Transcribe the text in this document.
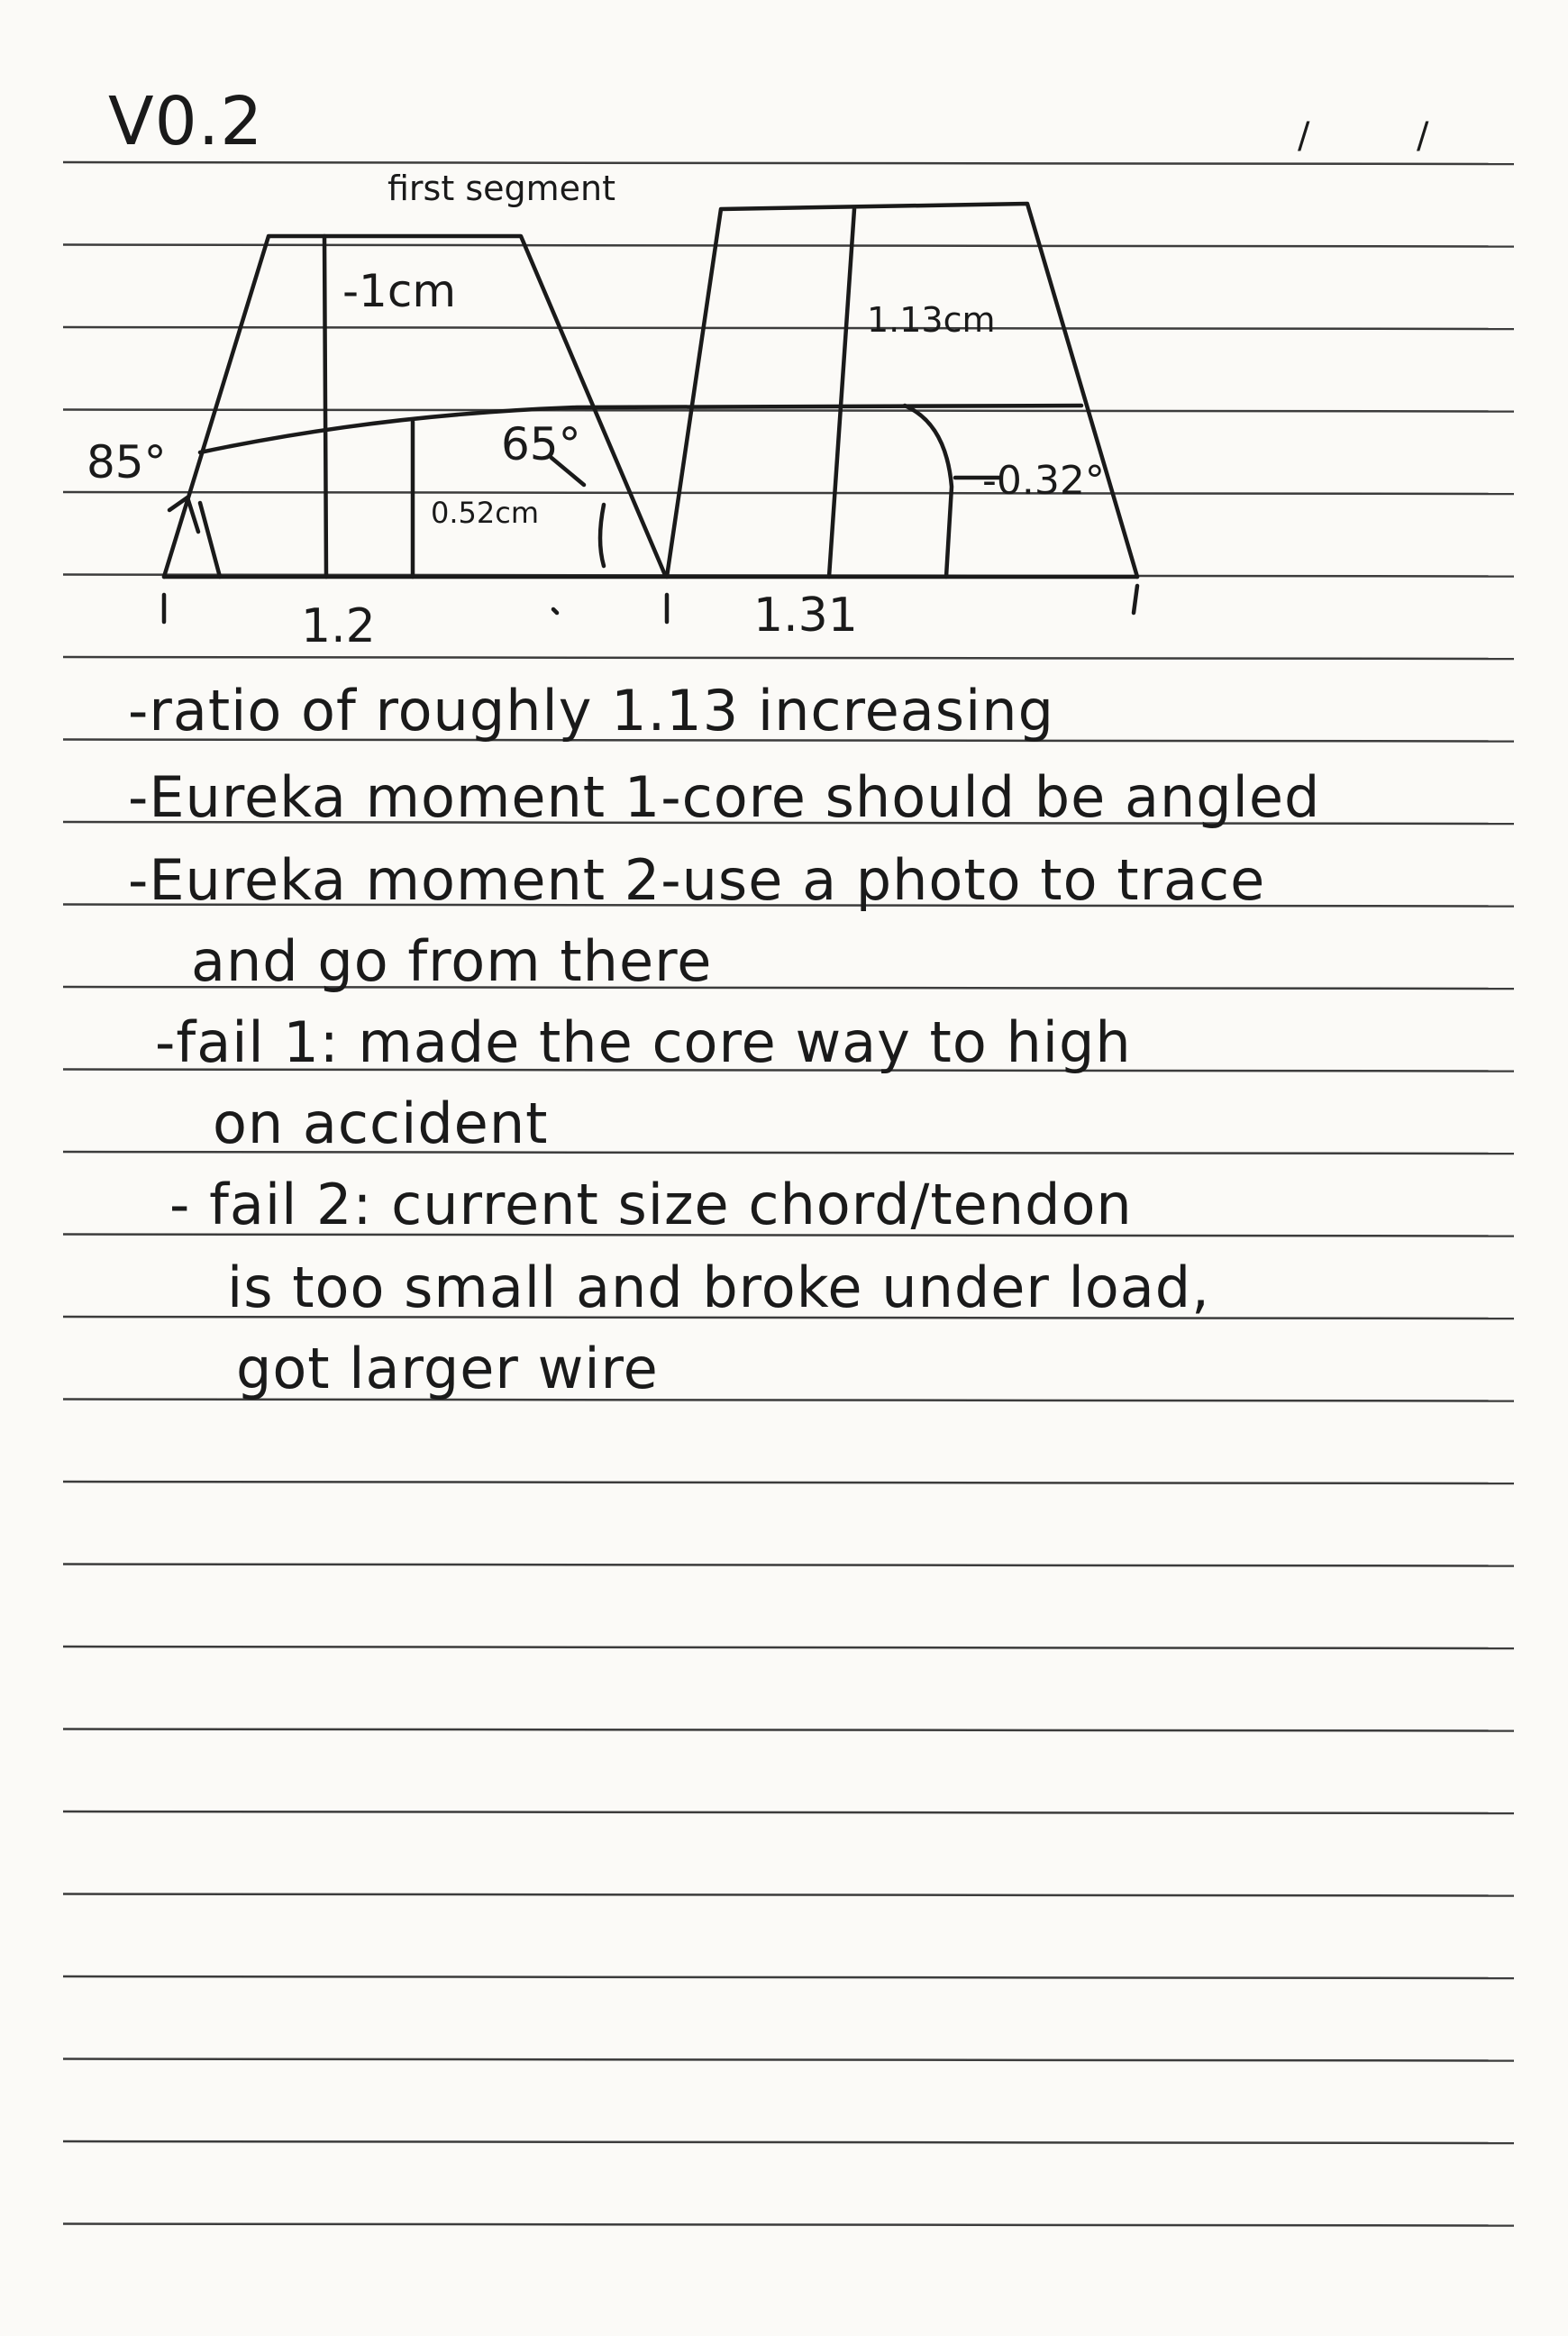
V0.2	/	/
first segment
-1cm
1.13cm
85°	65°
0.52cm
-0.32°
1.2	1.31
-ratio of roughly 1.13 increasing
-Eureka moment 1-core should be angled
-Eureka moment 2-use a photo to trace
and go from there
-fail 1: made the core way to high
on accident
- fail 2: current size chord/tendon
is too small and broke under load,
got larger wire
